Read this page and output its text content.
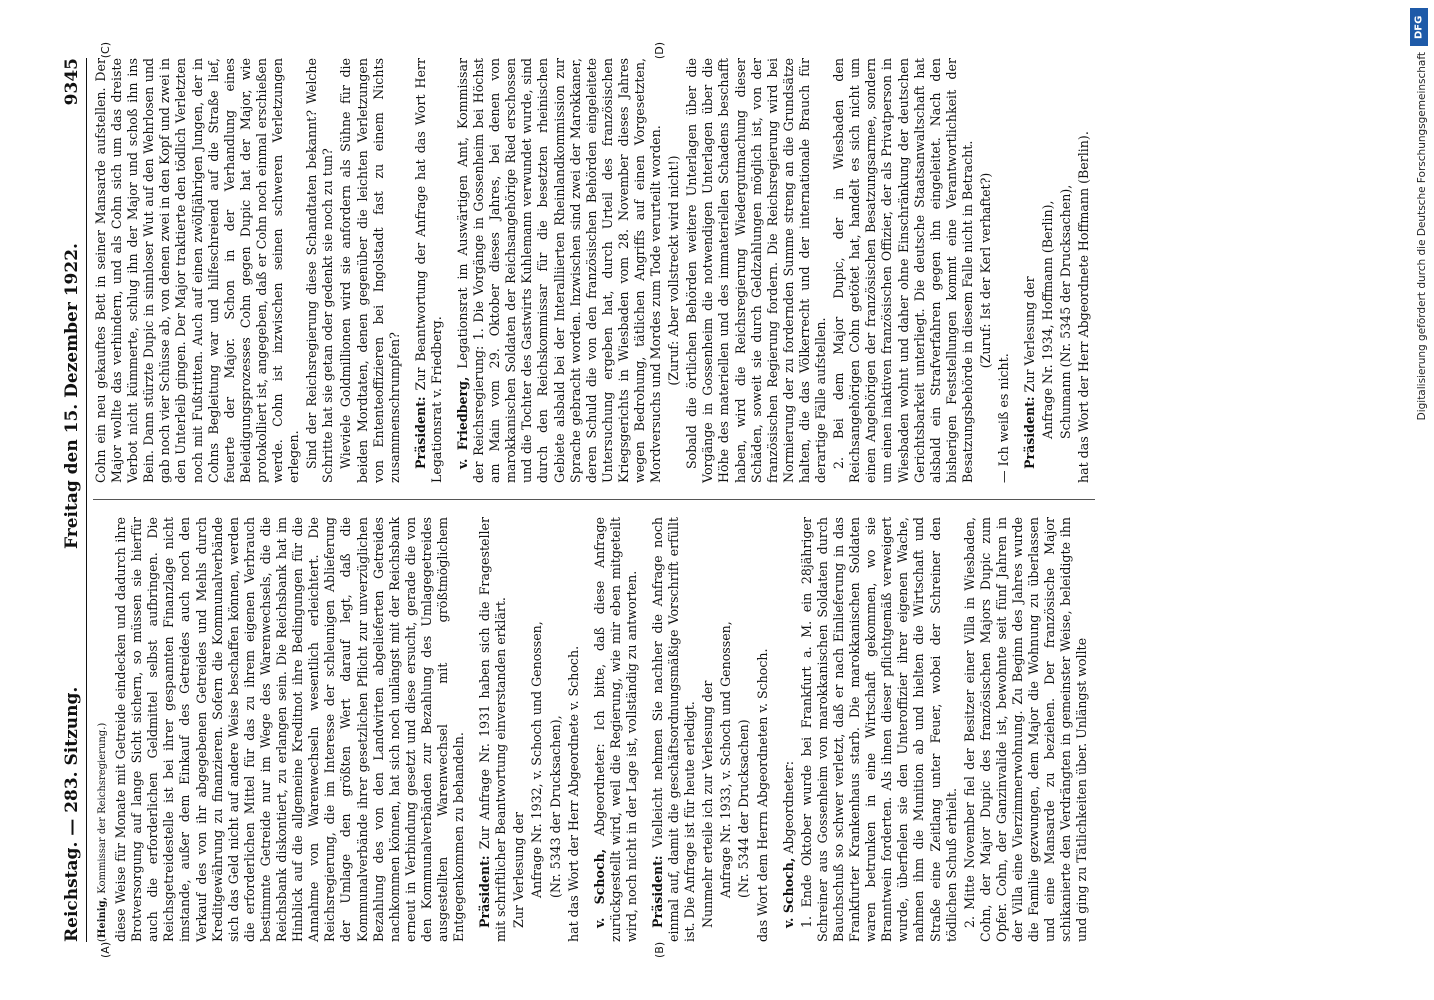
Reichstag. — 283. Sitzung.
Freitag den 15. Dezember 1922.
9345
(A)	(B)
(C)	(D)

(Heinig, Kommissar der Reichsregierung.) diese Weise für Monate mit Getreide eindecken und dadurch ihre Brotversorgung auf lange Sicht sichern, so müssen sie hierfür auch die erforderlichen Geldmittel selbst aufbringen. Die Reichsgetreidestelle ist bei ihrer gespannten Finanzlage nicht imstande, außer dem Einkauf des Getreides auch noch den Verkauf des von ihr abgegebenen Getreides und Mehls durch Kreditgewährung zu finanzieren. Sofern die Kommunalverbände sich das Geld nicht auf andere Weise beschaffen können, werden die erforderlichen Mittel für das zu ihrem eigenen Verbrauch bestimmte Getreide nur im Wege des Warenwechsels, die die Reichsbank diskontiert, zu erlangen sein. Die Reichsbank hat im Hinblick auf die allgemeine Kreditnot ihre Bedingungen für die Annahme von Warenwechseln wesentlich erleichtert. Die Reichsregierung, die im Interesse der schleunigen Ablieferung der Umlage den größten Wert darauf legt, daß die Kommunalverbände ihrer gesetzlichen Pflicht zur unverzüglichen Bezahlung des von den Landwirten abgelieferten Getreides nachkommen können, hat sich noch unlängst mit der Reichsbank erneut in Verbindung gesetzt und diese ersucht, gerade die von den Kommunalverbänden zur Bezahlung des Umlagegetreides ausgestellten Warenwechsel mit größtmöglichem Entgegenkommen zu behandeln. Präsident: Zur Anfrage Nr. 1931 haben sich die Fragesteller mit schriftlicher Beantwortung einverstanden erklärt. Zur Verlesung der Anfrage Nr. 1932, v. Schoch und Genossen, (Nr. 5343 der Drucksachen), hat das Wort der Herr Abgeordnete v. Schoch. v. Schoch, Abgeordneter: Ich bitte, daß diese Anfrage zurückgestellt wird, weil die Regierung, wie mir eben mitgeteilt wird, noch nicht in der Lage ist, vollständig zu antworten. Präsident: Vielleicht nehmen Sie nachher die Anfrage noch einmal auf, damit die geschäftsordnungsmäßige Vorschrift erfüllt ist. Die Anfrage ist für heute erledigt. Nunmehr erteile ich zur Verlesung der Anfrage Nr. 1933, v. Schoch und Genossen, (Nr. 5344 der Drucksachen) das Wort dem Herrn Abgeordneten v. Schoch. v. Schoch, Abgeordneter: 1. Ende Oktober wurde bei Frankfurt a. M. ein 28jähriger Schreiner aus Gossenheim von marokkanischen Soldaten durch Bauchschuß so schwer verletzt, daß er nach Einlieferung in das Frankfurter Krankenhaus starb. Die marokkanischen Soldaten waren betrunken in eine Wirtschaft gekommen, wo sie Branntwein forderten. Als ihnen dieser pflichtgemäß verweigert wurde, überfielen sie den Unteroffizier ihrer eigenen Wache, nahmen ihm die Munition ab und hielten die Wirtschaft und Straße eine Zeitlang unter Feuer, wobei der Schreiner den tödlichen Schuß erhielt. 2. Mitte November fiel der Besitzer einer Villa in Wiesbaden, Cohn, der Major Dupic des französischen Majors Dupic zum Opfer. Cohn, der Ganzinvalide ist, bewohnte seit fünf Jahren in der Villa eine Vierzimmerwohnung. Zu Beginn des Jahres wurde die Familie gezwungen, dem Major die Wohnung zu überlassen und eine Mansarde zu beziehen. Der französische Major schikanierte den Verdrängten in gemeinster Weise, beleidigte ihn und ging zu Tätlichkeiten über. Unlängst wollte

Cohn ein neu gekauftes Bett in seiner Mansarde aufstellen. Der Major wollte das verhindern, und als Cohn sich um das dreiste Verbot nicht kümmerte, schlug ihn der Major und schoß ihn ins Bein. Dann stürzte Dupic in sinnloser Wut auf den Wehrlosen und gab noch vier Schüsse ab, von denen zwei in den Kopf und zwei in den Unterleib gingen. Der Major traktierte den tödlich Verletzten noch mit Fußtritten. Auch auf einen zwölfjährigen Jungen, der in Cohns Begleitung war und hilfeschreiend auf die Straße lief, feuerte der Major. Schon in der Verhandlung eines Beleidigungsprozesses Cohn gegen Dupic hat der Major, wie protokolliert ist, angegeben, daß er Cohn noch einmal erschießen werde. Cohn ist inzwischen seinen schweren Verletzungen erlegen. Sind der Reichsregierung diese Schandtaten bekannt? Welche Schritte hat sie getan oder gedenkt sie noch zu tun? Wieviele Goldmillionen wird sie anfordern als Sühne für die beiden Mordtaten, denen gegenüber die leichten Verletzungen von Ententeoffizieren bei Ingolstadt fast zu einem Nichts zusammenschrumpfen? Präsident: Zur Beantwortung der Anfrage hat das Wort Herr Legationsrat v. Friedberg. v. Friedberg, Legationsrat im Auswärtigen Amt, Kommissar der Reichsregierung: 1. Die Vorgänge in Gossenheim bei Höchst am Main vom 29. Oktober dieses Jahres, bei denen von marokkanischen Soldaten der Reichsangehörige Ried erschossen und die Tochter des Gastwirts Kuhlemann verwundet wurde, sind durch den Reichskommissar für die besetzten rheinischen Gebiete alsbald bei der Interalliierten Rheinlandkommission zur Sprache gebracht worden. Inzwischen sind zwei der Marokkaner, deren Schuld die von den französischen Behörden eingeleitete Untersuchung ergeben hat, durch Urteil des französischen Kriegsgerichts in Wiesbaden vom 28. November dieses Jahres wegen Bedrohung, tätlichen Angriffs auf einen Vorgesetzten, Mordversuchs und Mordes zum Tode verurteilt worden. (Zuruf: Aber vollstreckt wird nicht!) Sobald die örtlichen Behörden weitere Unterlagen über die Vorgänge in Gossenheim die notwendigen Unterlagen über die Höhe des materiellen und des immateriellen Schadens beschafft haben, wird die Reichsregierung Wiedergutmachung dieser Schäden, soweit sie durch Geldzahlungen möglich ist, von der französischen Regierung fordern. Die Reichsregierung wird bei Normierung der zu fordernden Summe streng an die Grundsätze halten, die das Völkerrecht und der internationale Brauch für derartige Fälle aufstellen. 2. Bei dem Major Dupic, der in Wiesbaden den Reichsangehörigen Cohn getötet hat, handelt es sich nicht um einen Angehörigen der französischen Besatzungsarmee, sondern um einen inaktiven französischen Offizier, der als Privatperson in Wiesbaden wohnt und daher ohne Einschränkung der deutschen Gerichtsbarkeit unterliegt. Die deutsche Staatsanwaltschaft hat alsbald ein Strafverfahren gegen ihn eingeleitet. Nach den bisherigen Feststellungen kommt eine Verantwortlichkeit der Besatzungsbehörde in diesem Falle nicht in Betracht. (Zuruf: Ist der Kerl verhaftet?)

— Ich weiß es nicht. Präsident: Zur Verlesung der Anfrage Nr. 1934, Hoffmann (Berlin), Schumann (Nr. 5345 der Drucksachen), hat das Wort der Herr Abgeordnete Hoffmann (Berlin).

DFG
Digitalisierung gefördert durch die Deutsche Forschungsgemeinschaft
